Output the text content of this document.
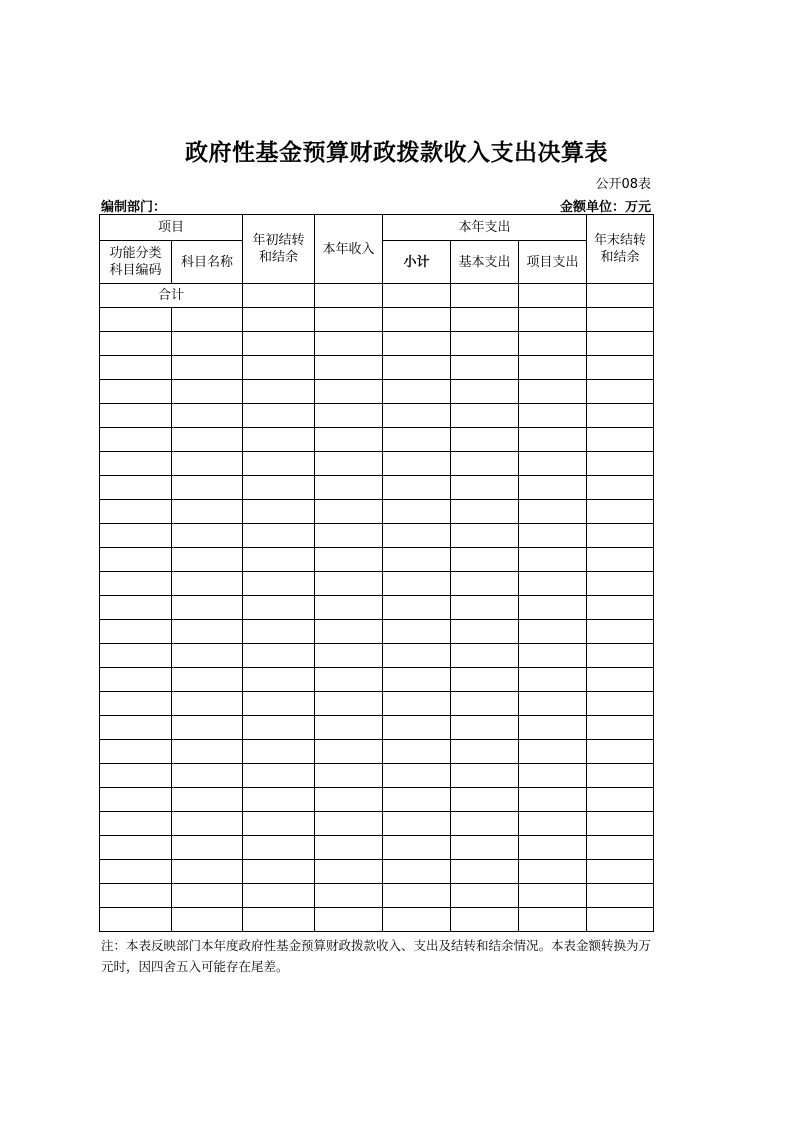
政府性基金预算财政拨款收入支出决算表
公开08表
编制部门：	金额单位：万元
项目		年初结转和结余	本年收入	本年支出			年末结转和结余
功能分类科目编码	科目名称			小计	基本支出	项目支出	
合计							

注：本表反映部门本年度政府性基金预算财政拨款收入、支出及结转和结余情况。本表金额转换为万元时，因四舍五入可能存在尾差。
